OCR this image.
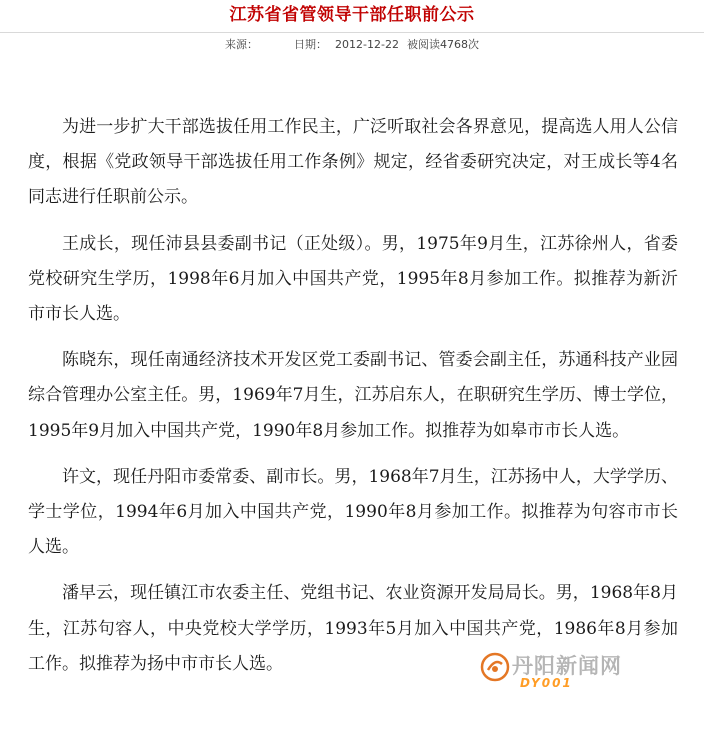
江苏省省管领导干部任职前公示
来源：	日期： 2012-12-22 被阅读4768次

为进一步扩大干部选拔任用工作民主，广泛听取社会各界意见，提高选人用人公信度，根据《党政领导干部选拔任用工作条例》规定，经省委研究决定，对王成长等4名同志进行任职前公示。

王成长，现任沛县县委副书记（正处级）。男，1975年9月生，江苏徐州人，省委党校研究生学历，1998年6月加入中国共产党，1995年8月参加工作。拟推荐为新沂市市长人选。

陈晓东，现任南通经济技术开发区党工委副书记、管委会副主任，苏通科技产业园综合管理办公室主任。男，1969年7月生，江苏启东人，在职研究生学历、博士学位，1995年9月加入中国共产党，1990年8月参加工作。拟推荐为如皋市市长人选。

许文，现任丹阳市委常委、副市长。男，1968年7月生，江苏扬中人，大学学历、学士学位，1994年6月加入中国共产党，1990年8月参加工作。拟推荐为句容市市长人选。

潘早云，现任镇江市农委主任、党组书记、农业资源开发局局长。男，1968年8月生，江苏句容人，中央党校大学学历，1993年5月加入中国共产党，1986年8月参加工作。拟推荐为扬中市市长人选。	丹阳新闻网
DY001
